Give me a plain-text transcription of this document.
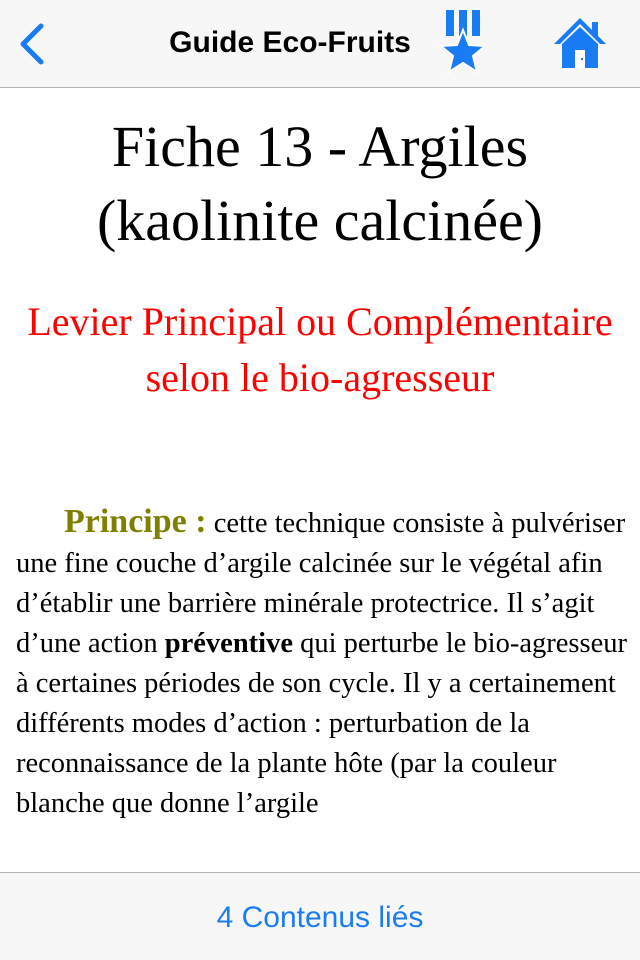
Guide Eco-Fruits
Fiche 13 - Argiles (kaolinite calcinée)
Levier Principal ou Complémentaire selon le bio-agresseur

Principe : cette technique consiste à pulvériser une fine couche d’argile calcinée sur le végétal afin d’établir une barrière minérale protectrice. Il s’agit d’une action préventive qui perturbe le bio-agresseur à certaines périodes de son cycle. Il y a certainement différents modes d’action : perturbation de la reconnaissance de la plante hôte (par la couleur blanche que donne l’argile

4 Contenus liés
